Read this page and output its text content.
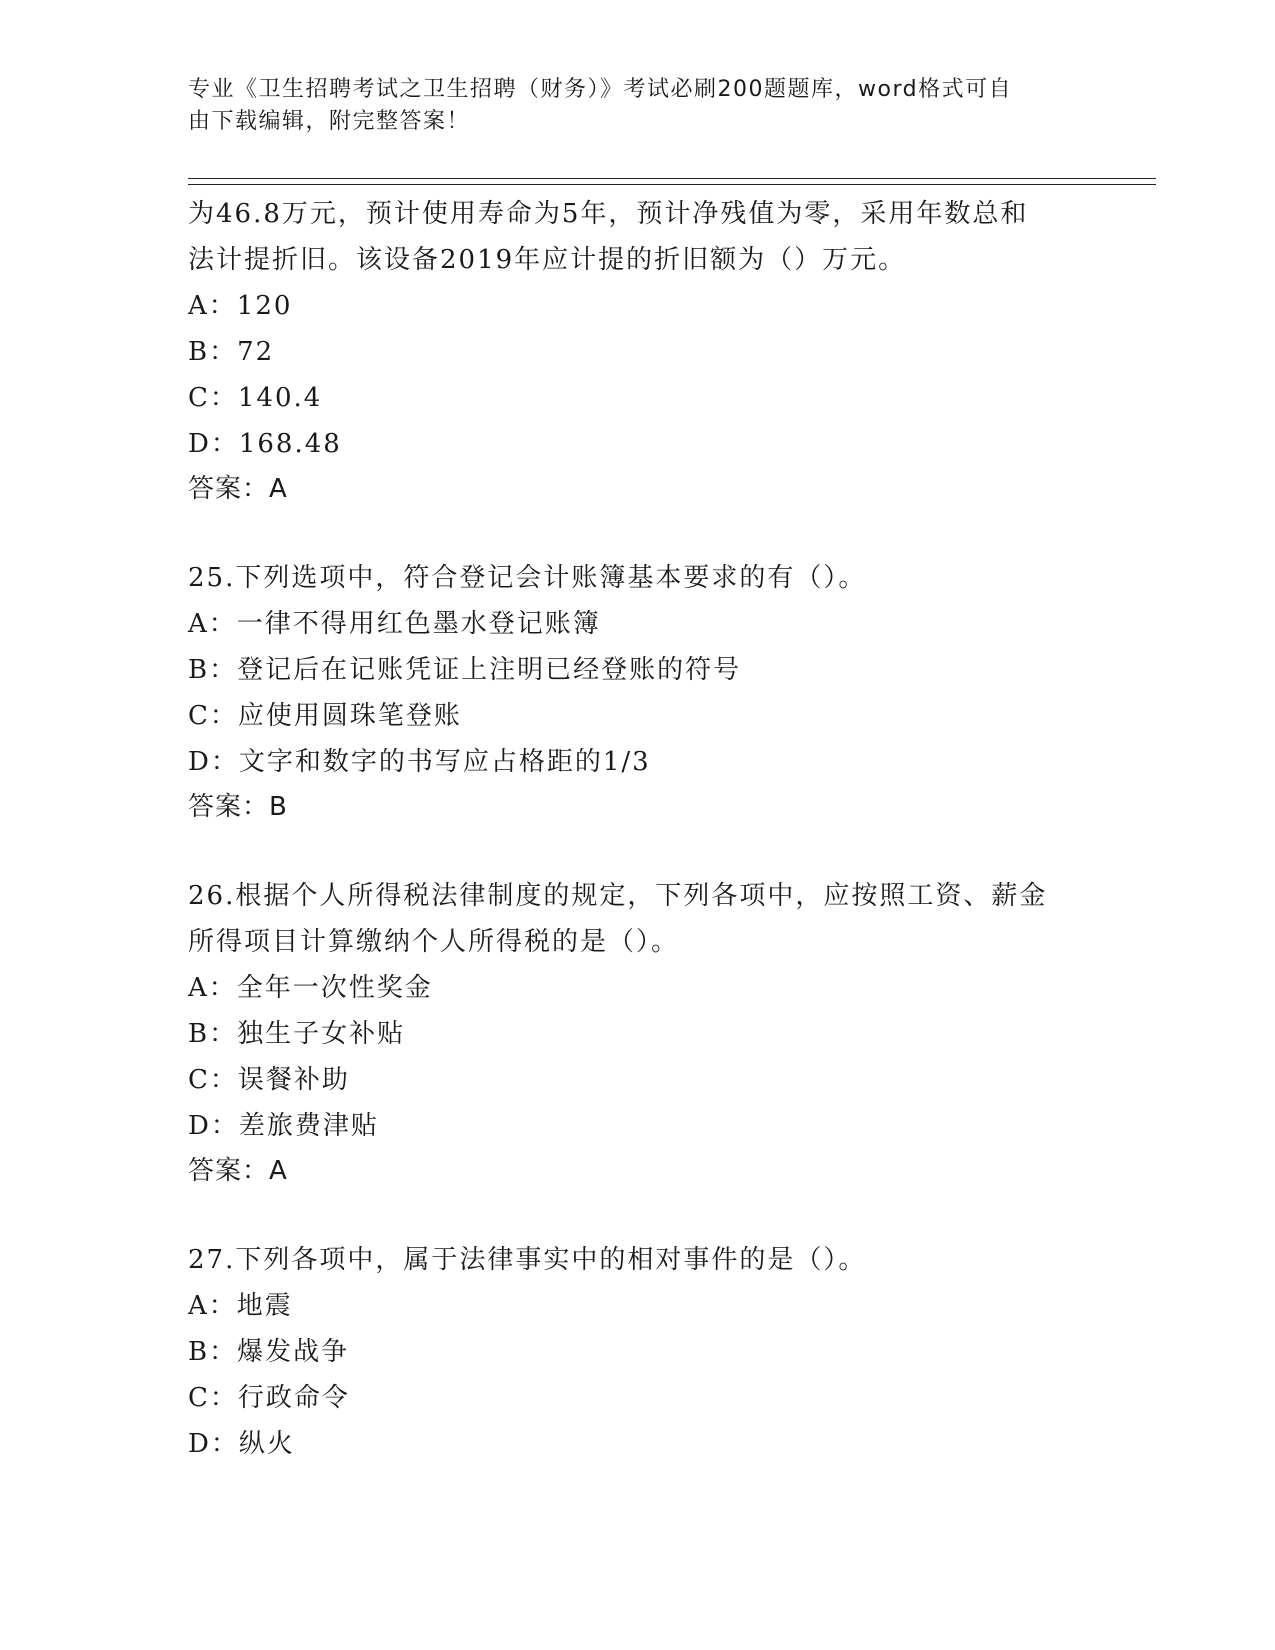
专业《卫生招聘考试之卫生招聘（财务）》考试必刷200题题库，word格式可自
由下载编辑，附完整答案！
为46.8万元，预计使用寿命为5年，预计净残值为零，采用年数总和
法计提折旧。该设备2019年应计提的折旧额为（）万元。
A：120
B：72
C：140.4
D：168.48
答案：A
25.下列选项中，符合登记会计账簿基本要求的有（）。
A：一律不得用红色墨水登记账簿
B：登记后在记账凭证上注明已经登账的符号
C：应使用圆珠笔登账
D：文字和数字的书写应占格距的1/3
答案：B
26.根据个人所得税法律制度的规定，下列各项中，应按照工资、薪金
所得项目计算缴纳个人所得税的是（）。
A：全年一次性奖金
B：独生子女补贴
C：误餐补助
D：差旅费津贴
答案：A
27.下列各项中，属于法律事实中的相对事件的是（）。
A：地震
B：爆发战争
C：行政命令
D：纵火
